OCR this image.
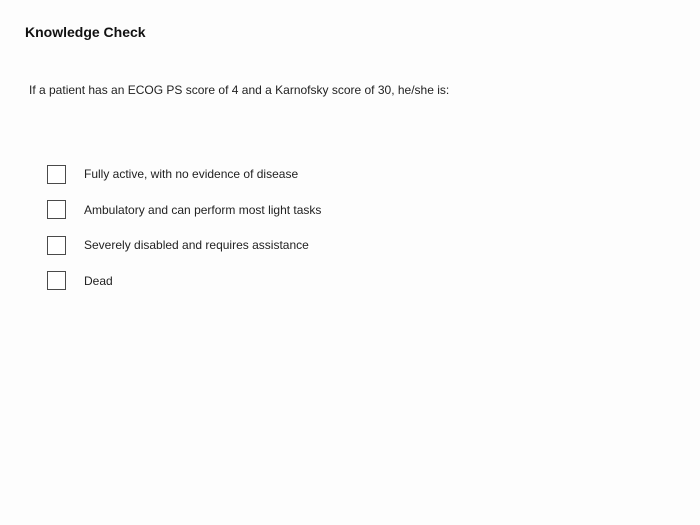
Knowledge Check
If a patient has an ECOG PS score of 4 and a Karnofsky score of 30, he/she is:
Fully active, with no evidence of disease
Ambulatory and can perform most light tasks
Severely disabled and requires assistance
Dead
